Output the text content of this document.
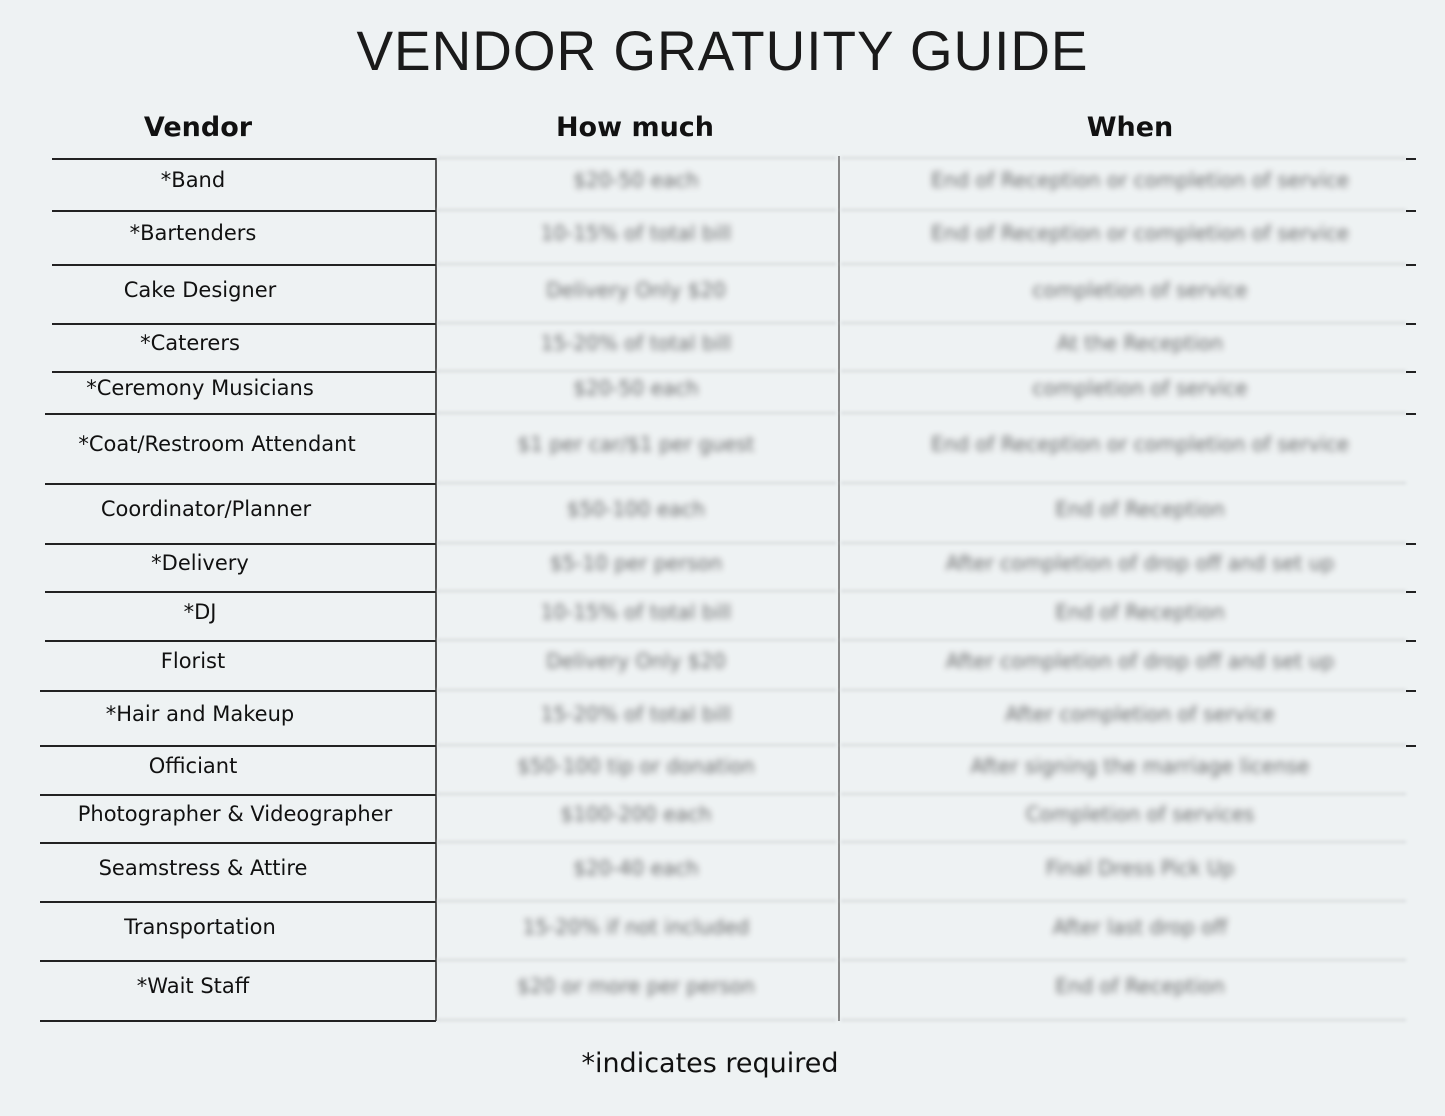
VENDOR GRATUITY GUIDE
Vendor	How much	When
*Band	$20-50 each	End of Reception or completion of service
*Bartenders	10-15% of total bill	End of Reception or completion of service
Cake Designer	Delivery Only $20	completion of service
*Caterers	15-20% of total bill	At the Reception
*Ceremony Musicians	$20-50 each	completion of service
*Coat/Restroom Attendant	$1 per car/$1 per guest	End of Reception or completion of service
Coordinator/Planner	$50-100 each	End of Reception
*Delivery	$5-10 per person	After completion of drop off and set up
*DJ	10-15% of total bill	End of Reception
Florist	Delivery Only $20	After completion of drop off and set up
*Hair and Makeup	15-20% of total bill	After completion of service
Officiant	$50-100 tip or donation	After signing the marriage license
Photographer & Videographer	$100-200 each	Completion of services
Seamstress & Attire	$20-40 each	Final Dress Pick Up
Transportation	15-20% if not included	After last drop off
*Wait Staff	$20 or more per person	End of Reception
*indicates required
